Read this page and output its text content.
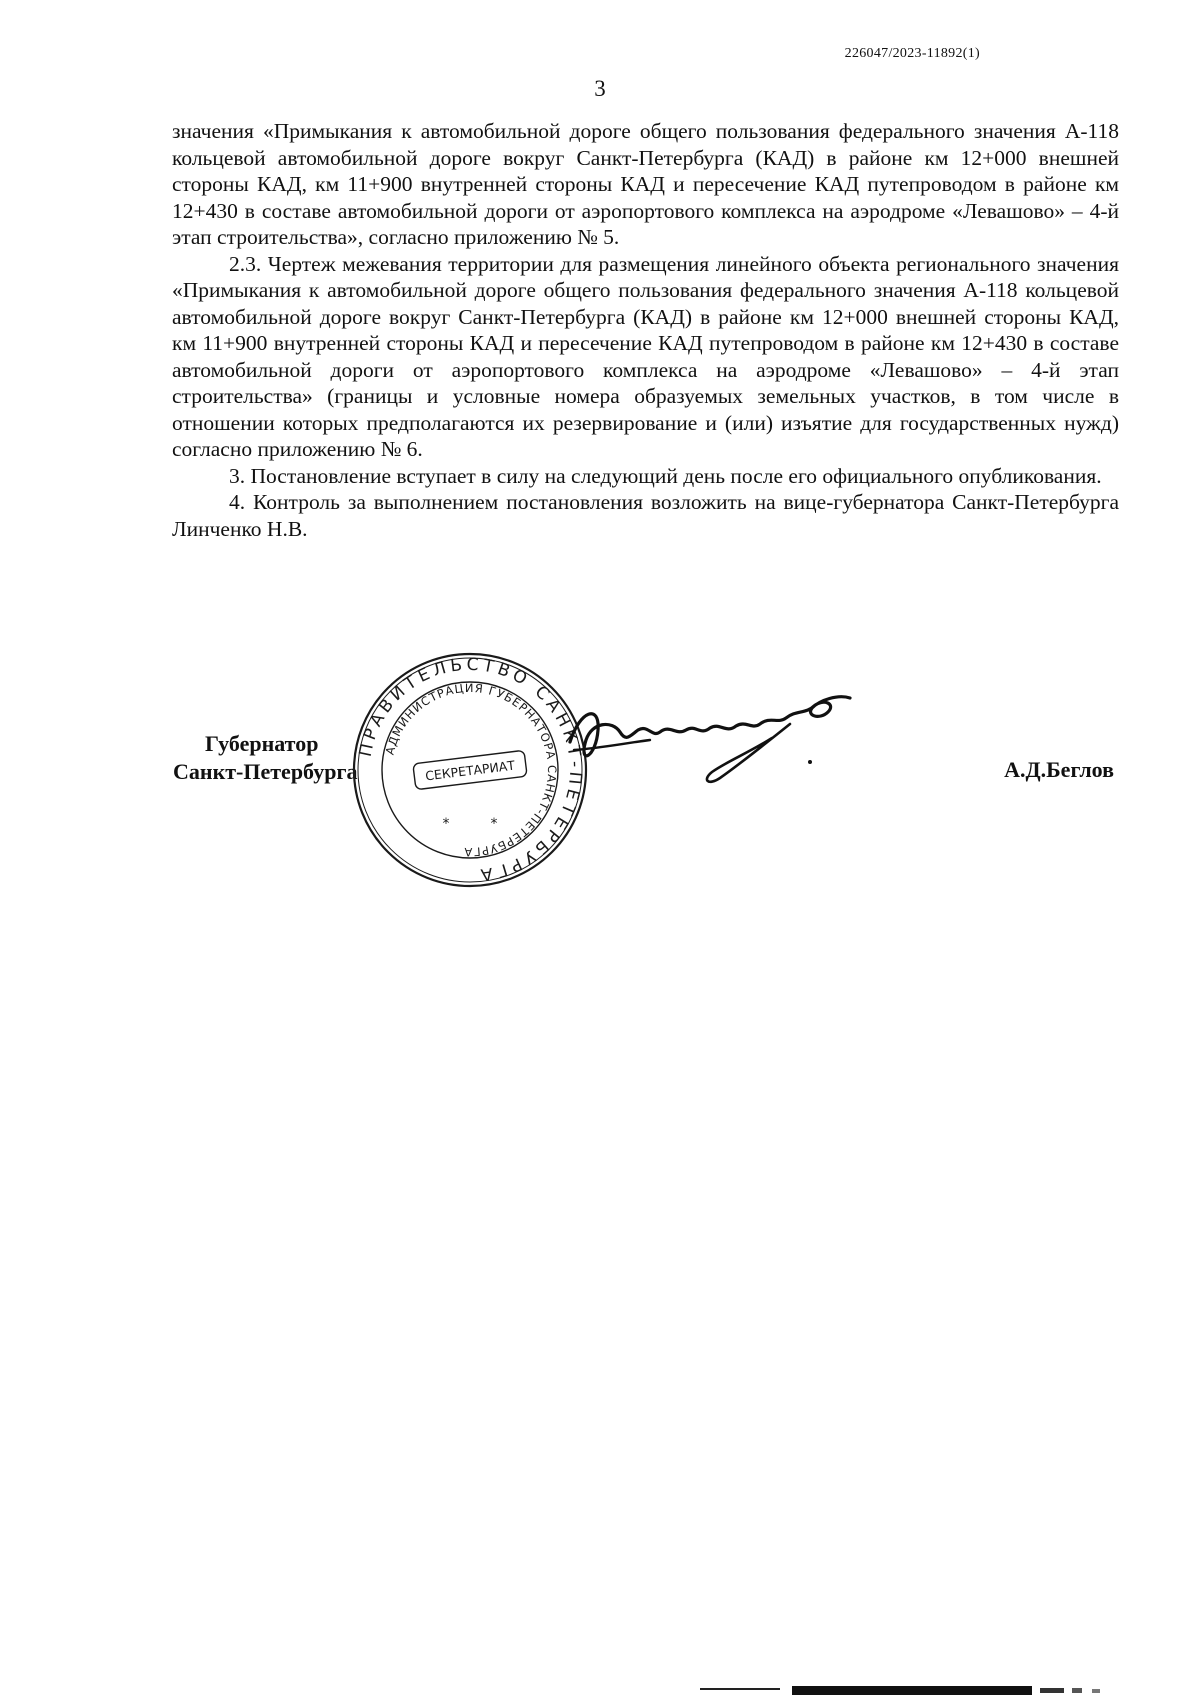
226047/2023-11892(1)
3

значения «Примыкания к автомобильной дороге общего пользования федерального значения А-118 кольцевой автомобильной дороге вокруг Санкт-Петербурга (КАД) в районе км 12+000 внешней стороны КАД, км 11+900 внутренней стороны КАД и пересечение КАД путепроводом в районе км 12+430 в составе автомобильной дороги от аэропортового комплекса на аэродроме «Левашово» – 4-й этап строительства», согласно приложению № 5.

2.3. Чертеж межевания территории для размещения линейного объекта регионального значения «Примыкания к автомобильной дороге общего пользования федерального значения А-118 кольцевой автомобильной дороге вокруг Санкт-Петербурга (КАД) в районе км 12+000 внешней стороны КАД, км 11+900 внутренней стороны КАД и пересечение КАД путепроводом в районе км 12+430 в составе автомобильной дороги от аэропортового комплекса на аэродроме «Левашово» – 4-й этап строительства» (границы и условные номера образуемых земельных участков, в том числе в отношении которых предполагаются их резервирование и (или) изъятие для государственных нужд) согласно приложению № 6.

3. Постановление вступает в силу на следующий день после его официального опубликования.

4. Контроль за выполнением постановления возложить на вице-губернатора Санкт-Петербурга Линченко Н.В.

Губернатор
Санкт-Петербурга
ПРАВИТЕЛЬСТВО САНКТ-ПЕТЕРБУРГА
АДМИНИСТРАЦИЯ ГУБЕРНАТОРА САНКТ-ПЕТЕРБУРГА
СЕКРЕТАРИАТ
*	*
А.Д.Беглов
